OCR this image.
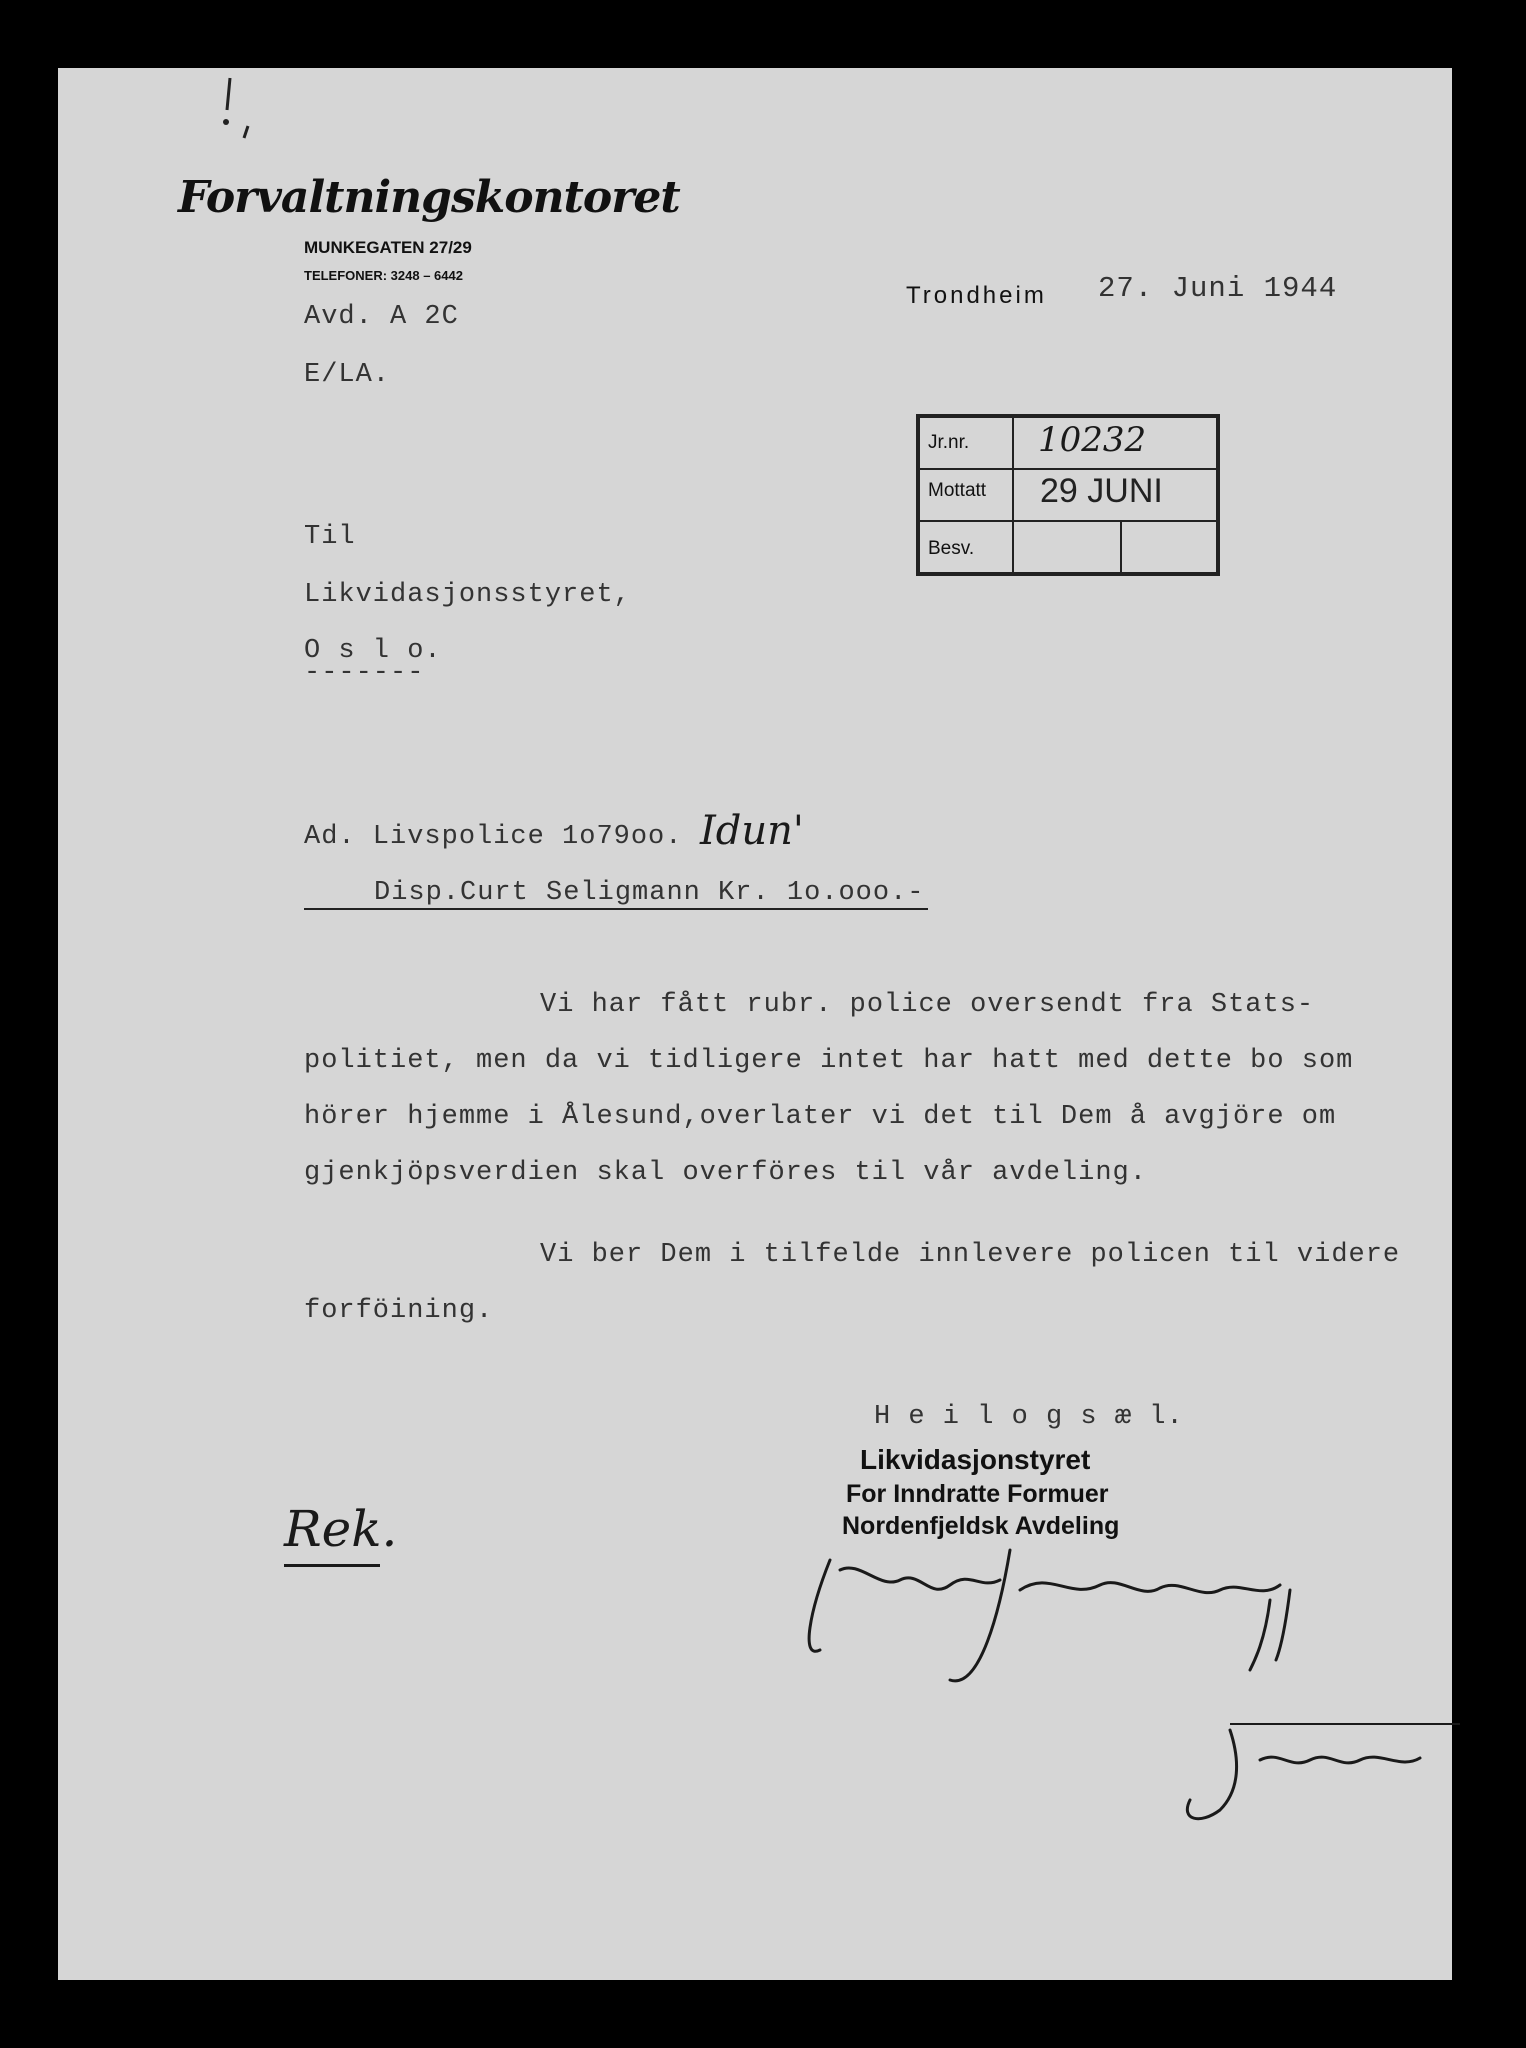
Forvaltningskontoret
MUNKEGATEN 27/29
TELEFONER: 3248 – 6442
Avd. A 2C
E/LA.
Trondheim 27. Juni 1944
Jr.nr.
Mottatt
Besv.
10232
29 JUNI
Til
Likvidasjonsstyret,
O s l o.
-------
Ad. Livspolice 1o79oo. Idun'
Disp.Curt Seligmann Kr. 1o.ooo.-
Vi har fått rubr. police oversendt fra Stats-
politiet, men da vi tidligere intet har hatt med dette bo som
hörer hjemme i Ålesund,overlater vi det til Dem å avgjöre om
gjenkjöpsverdien skal overföres til vår avdeling.
Vi ber Dem i tilfelde innlevere policen til videre
forföining.
H e i l o g s æ l.
Likvidasjonstyret
For Inndratte Formuer
Nordenfjeldsk Avdeling
Rek.
